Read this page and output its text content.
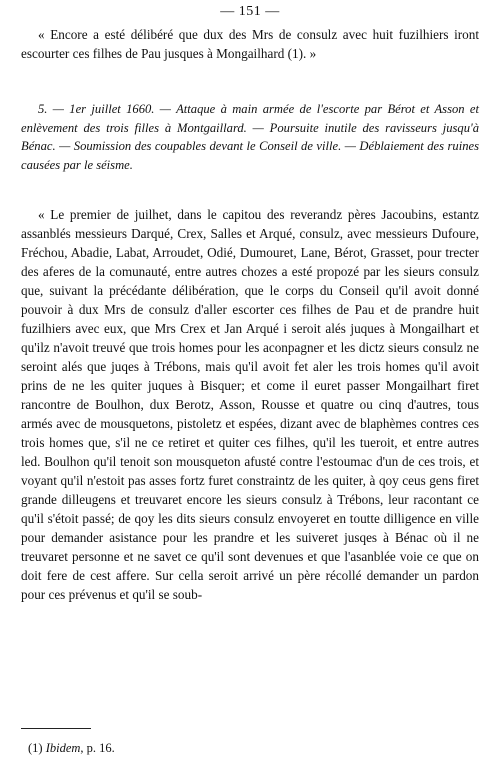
— 151 —

« Encore a esté délibéré que dux des Mrs de consulz avec huit fuzilhiers iront escourter ces filhes de Pau jusques à Mongailhard (1). »

5. — 1er juillet 1660. — Attaque à main armée de l'escorte par Bérot et Asson et enlèvement des trois filles à Montgaillard. — Poursuite inutile des ravisseurs jusqu'à Bénac. — Soumission des coupables devant le Conseil de ville. — Déblaiement des ruines causées par le séisme.

« Le premier de juilhet, dans le capitou des reverandz pères Jacoubins, estantz assanblés messieurs Darqué, Crex, Salles et Arqué, consulz, avec messieurs Dufoure, Fréchou, Abadie, Labat, Arroudet, Odié, Dumouret, Lane, Bérot, Grasset, pour trecter des aferes de la comunauté, entre autres chozes a esté propozé par les sieurs consulz que, suivant la précédante délibération, que le corps du Conseil qu'il avoit donné pouvoir à dux Mrs de consulz d'aller escorter ces filhes de Pau et de prandre huit fuzilhiers avec eux, que Mrs Crex et Jan Arqué i seroit alés juques à Mongailhart et qu'ilz n'avoit treuvé que trois homes pour les aconpagner et les dictz sieurs consulz ne seroint alés que juqes à Trébons, mais qu'il avoit fet aler les trois homes qu'il avoit prins de ne les quiter juques à Bisquer; et come il euret passer Mongailhart firet rancontre de Boulhon, dux Berotz, Asson, Rousse et quatre ou cinq d'autres, tous armés avec de mousquetons, pistoletz et espées, dizant avec de blaphèmes contres ces trois homes que, s'il ne ce retiret et quiter ces filhes, qu'il les tueroit, et entre autres led. Boulhon qu'il tenoit son mousqueton afusté contre l'estoumac d'un de ces trois, et voyant qu'il n'estoit pas asses fortz furet constraintz de les quiter, à qoy ceus gens firet grande dilleugens et treuvaret encore les sieurs consulz à Trébons, leur racontant ce qu'il s'étoit passé; de qoy les dits sieurs consulz envoyeret en toutte dilligence en ville pour demander asistance pour les prandre et les suiveret jusqes à Bénac où il ne treuvaret personne et ne savet ce qu'il sont devenues et que l'asanblée voie ce que on doit fere de cest affere. Sur cella seroit arrivé un père récollé demander un pardon pour ces prévenus et qu'il se soub-

(1) Ibidem, p. 16.
